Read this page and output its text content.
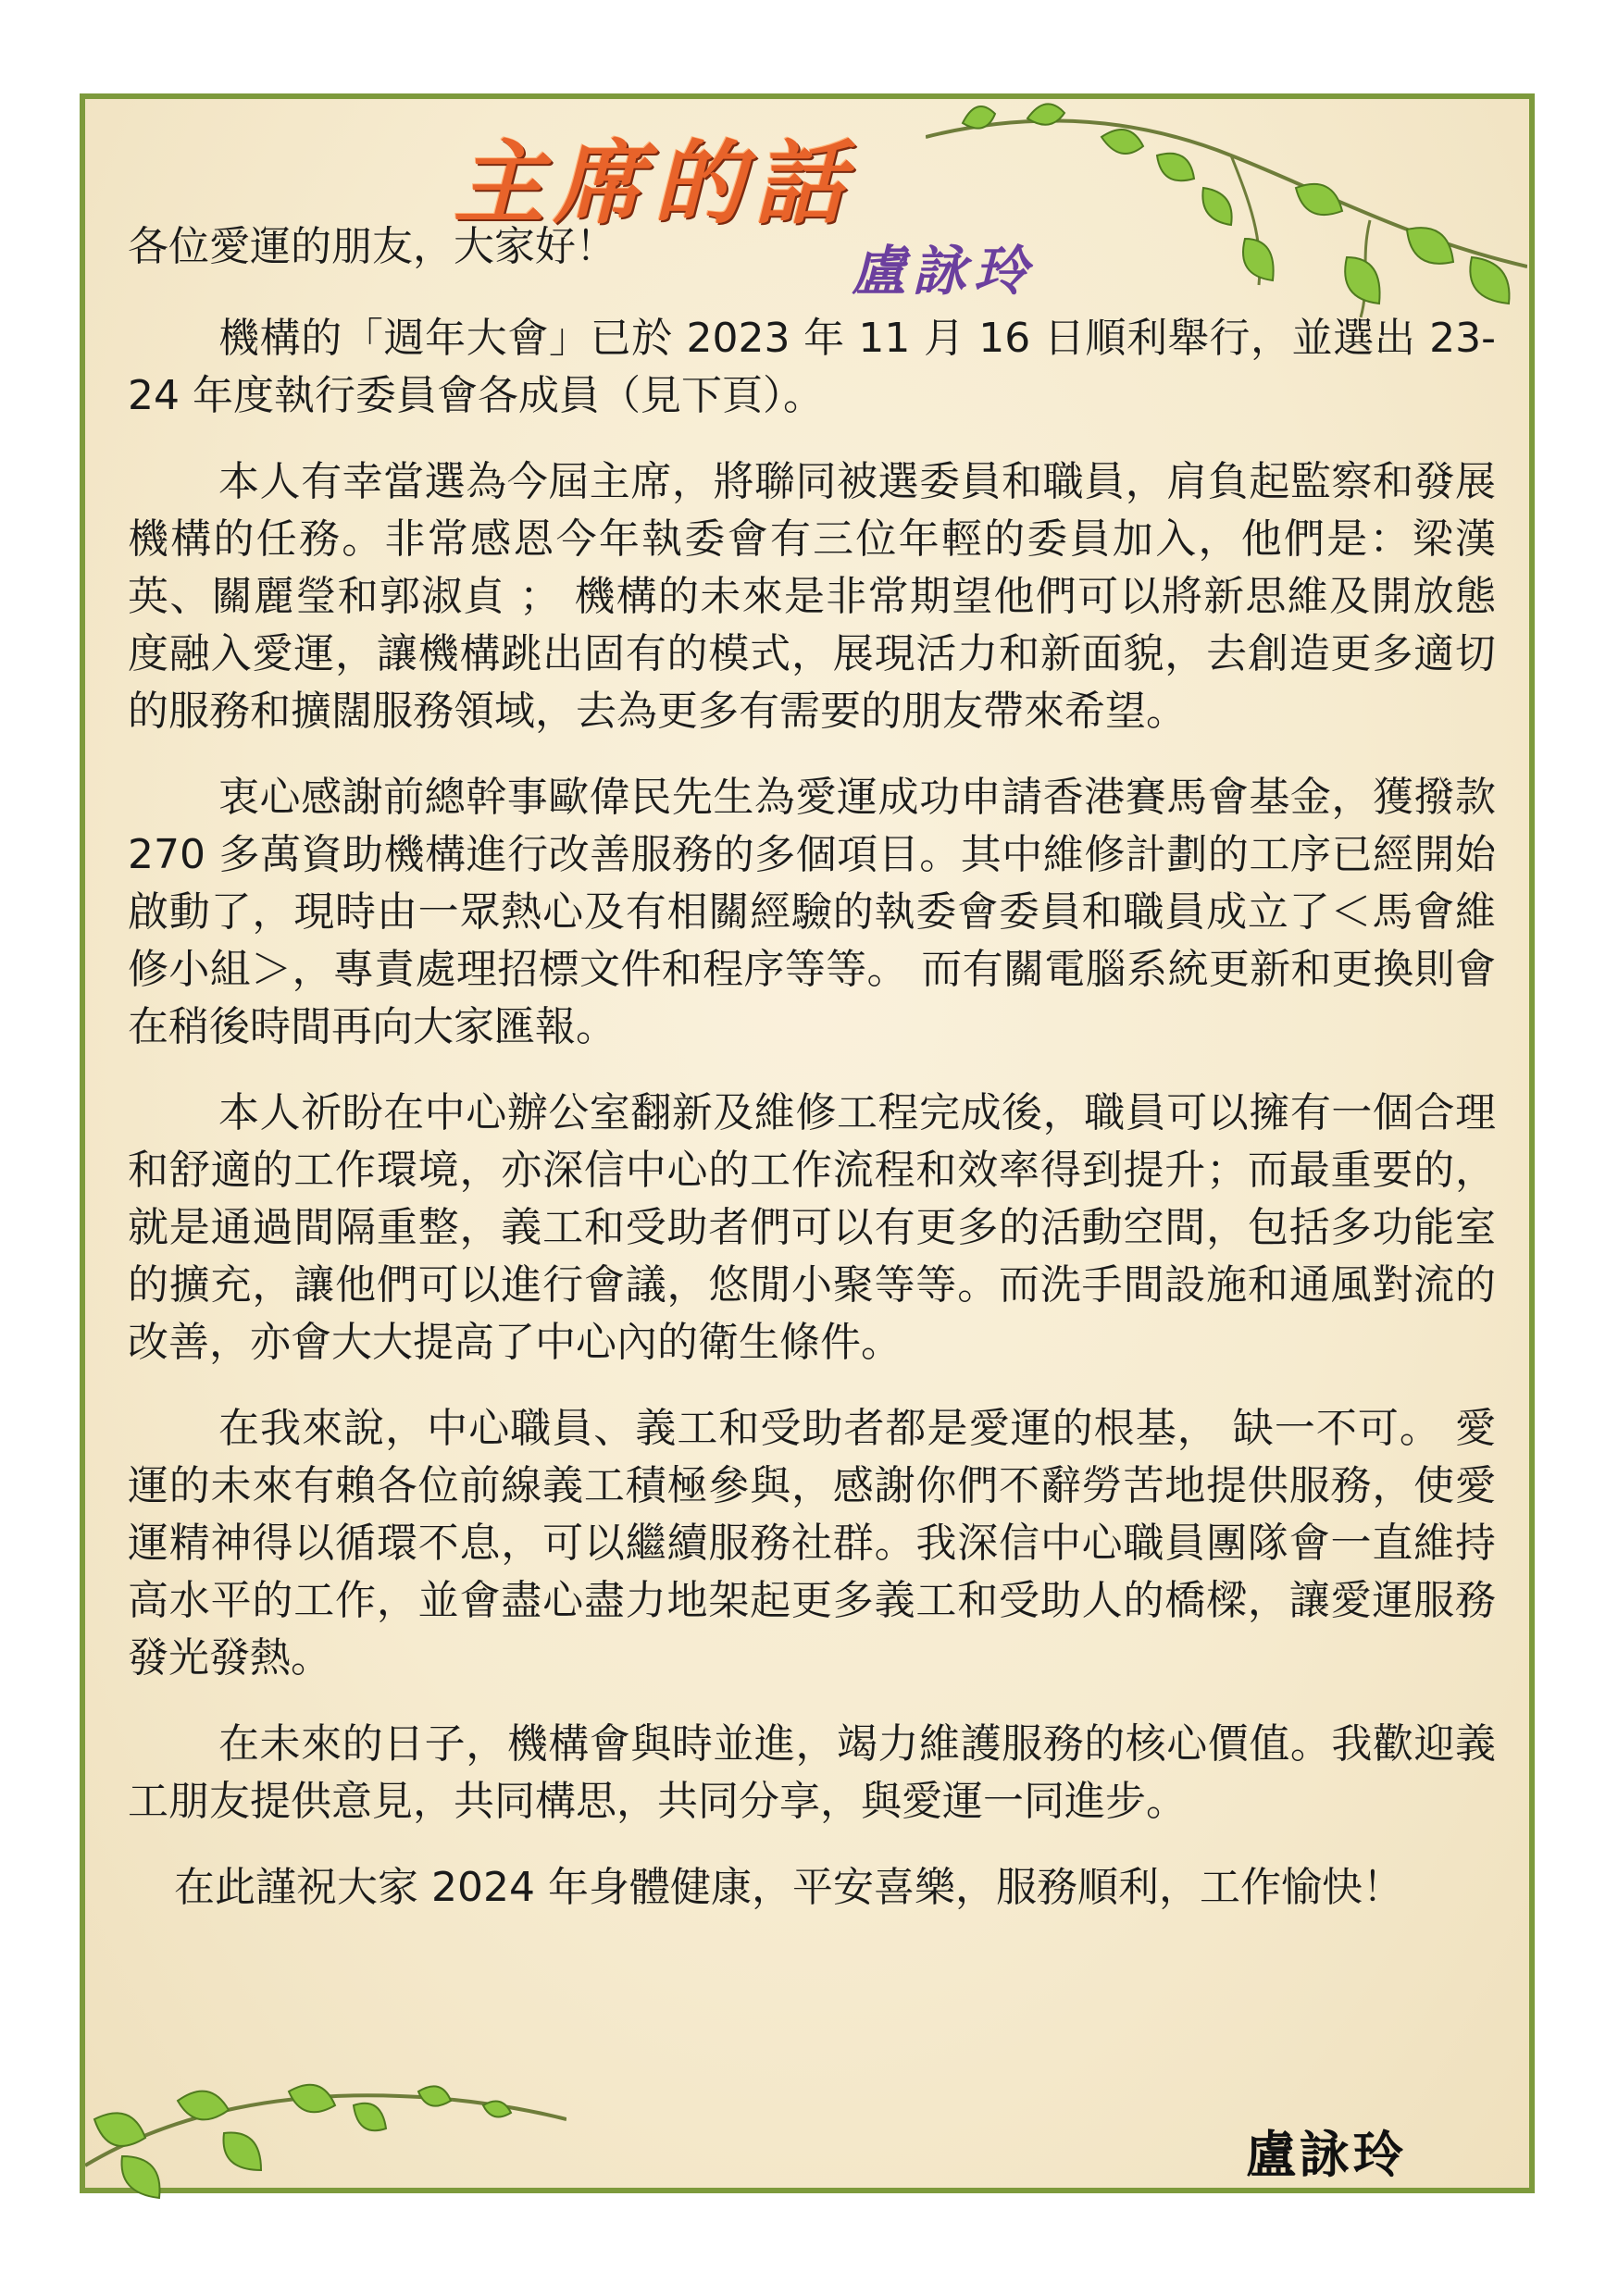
主席的話
盧詠玲

各位愛運的朋友，大家好！

機構的「週年大會」已於 2023 年 11 月 16 日順利舉行，並選出 23-24 年度執行委員會各成員（見下頁）。

本人有幸當選為今屆主席，將聯同被選委員和職員，肩負起監察和發展機構的任務。非常感恩今年執委會有三位年輕的委員加入，他們是：梁漢英、關麗瑩和郭淑貞 ； 機構的未來是非常期望他們可以將新思維及開放態度融入愛運，讓機構跳出固有的模式，展現活力和新面貌，去創造更多適切的服務和擴闊服務領域，去為更多有需要的朋友帶來希望。

衷心感謝前總幹事歐偉民先生為愛運成功申請香港賽馬會基金，獲撥款 270 多萬資助機構進行改善服務的多個項目。其中維修計劃的工序已經開始啟動了，現時由一眾熱心及有相關經驗的執委會委員和職員成立了＜馬會維修小組＞，專責處理招標文件和程序等等。 而有關電腦系統更新和更換則會在稍後時間再向大家匯報。

本人祈盼在中心辦公室翻新及維修工程完成後，職員可以擁有一個合理和舒適的工作環境，亦深信中心的工作流程和效率得到提升；而最重要的，就是通過間隔重整，義工和受助者們可以有更多的活動空間，包括多功能室的擴充，讓他們可以進行會議，悠閒小聚等等。而洗手間設施和通風對流的改善，亦會大大提高了中心內的衛生條件。

在我來說，中心職員、義工和受助者都是愛運的根基， 缺一不可。 愛運的未來有賴各位前線義工積極參與，感謝你們不辭勞苦地提供服務，使愛運精神得以循環不息，可以繼續服務社群。我深信中心職員團隊會一直維持高水平的工作，並會盡心盡力地架起更多義工和受助人的橋樑，讓愛運服務發光發熱。

在未來的日子，機構會與時並進，竭力維護服務的核心價值。我歡迎義工朋友提供意見，共同構思，共同分享，與愛運一同進步。

在此謹祝大家 2024 年身體健康，平安喜樂，服務順利，工作愉快！

盧詠玲
